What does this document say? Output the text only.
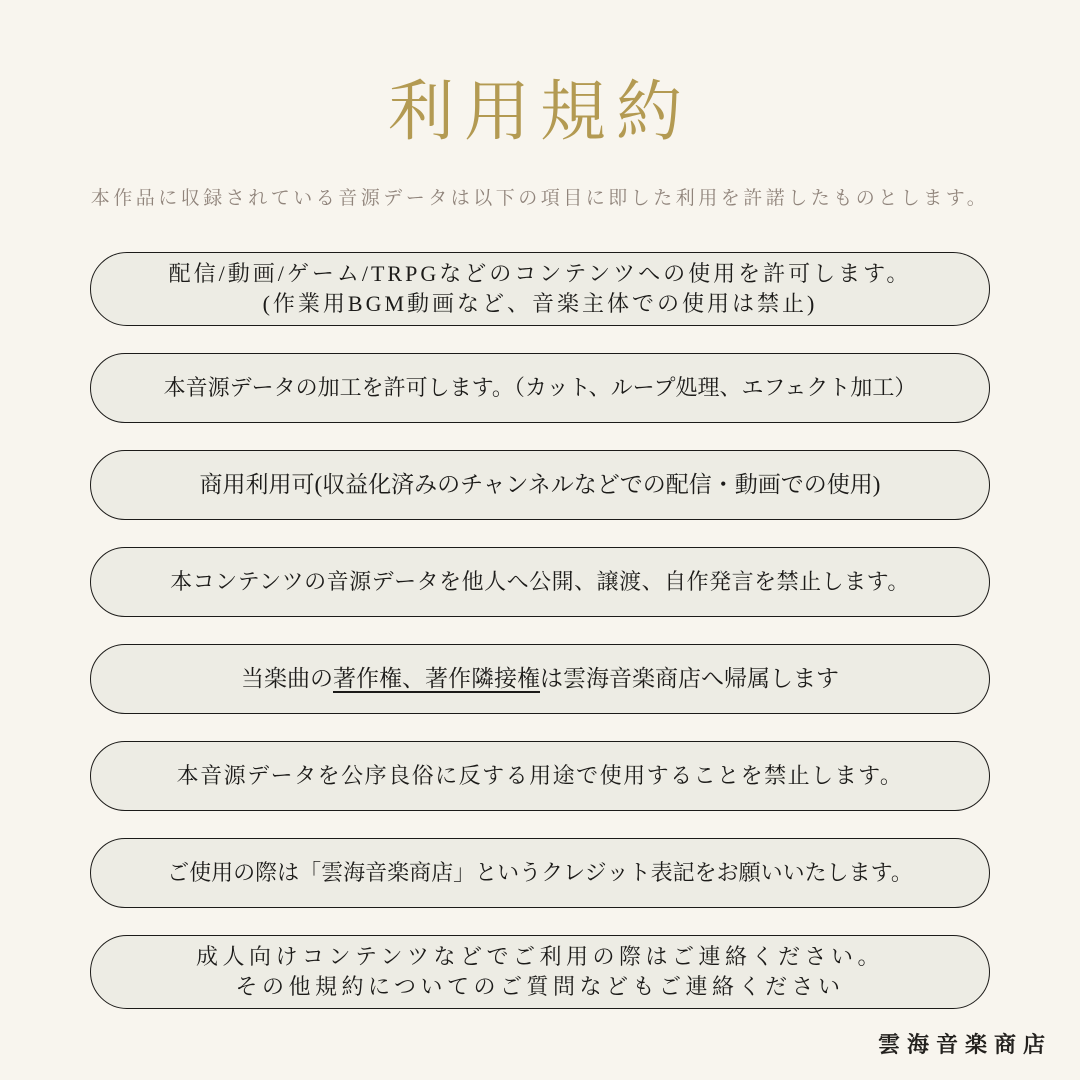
利用規約

本作品に収録されている音源データは以下の項目に即した利用を許諾したものとします。

配信/動画/ゲーム/TRPGなどのコンテンツへの使用を許可します。
(作業用BGM動画など、音楽主体での使用は禁止)
本音源データの加工を許可します。（カット、ループ処理、エフェクト加工）
商用利用可(収益化済みのチャンネルなどでの配信・動画での使用)
本コンテンツの音源データを他人へ公開、譲渡、自作発言を禁止します。
当楽曲の著作権、著作隣接権は雲海音楽商店へ帰属します
本音源データを公序良俗に反する用途で使用することを禁止します。
ご使用の際は「雲海音楽商店」というクレジット表記をお願いいたします。
成人向けコンテンツなどでご利用の際はご連絡ください。
その他規約についてのご質問などもご連絡ください
雲海音楽商店
